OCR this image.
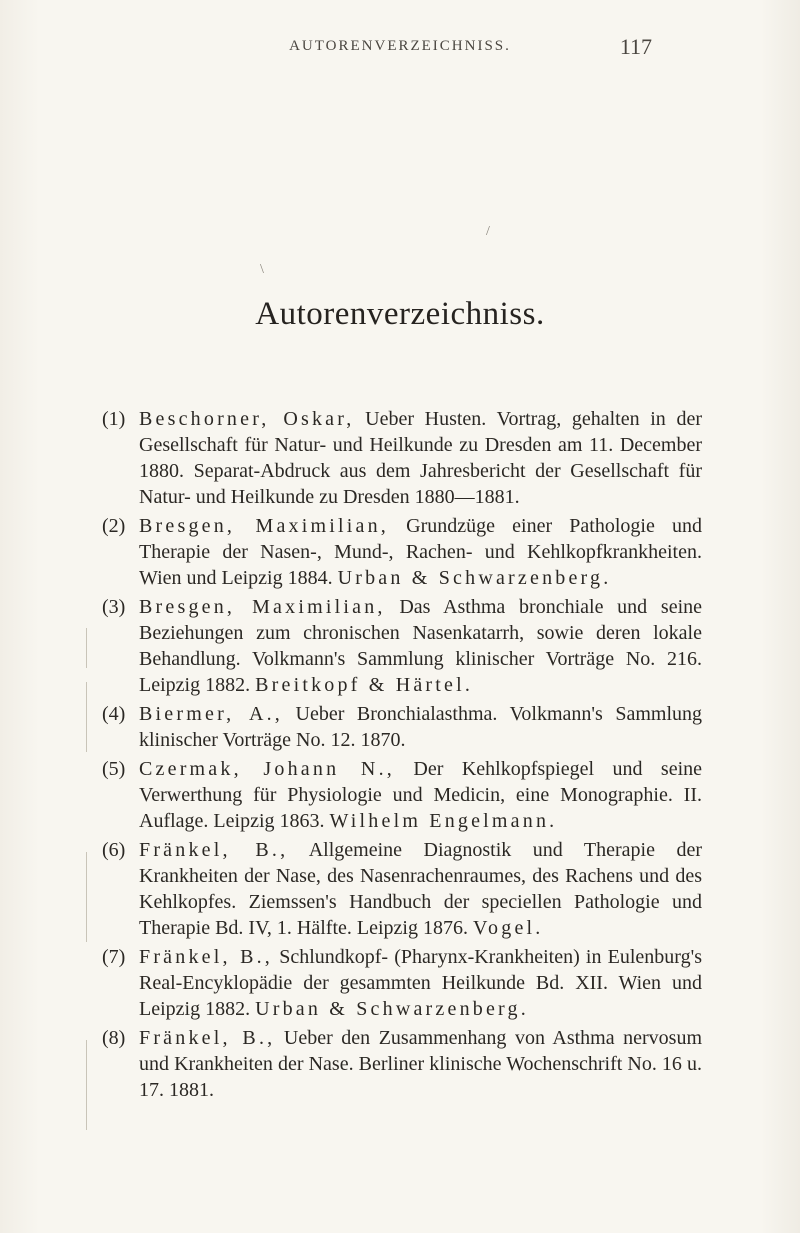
AUTORENVERZEICHNISS.	117
/
\
Autorenverzeichniss.
(1) Beschorner, Oskar, Ueber Husten. Vortrag, gehalten in der Gesellschaft für Natur- und Heilkunde zu Dresden am 11. December 1880. Separat-Abdruck aus dem Jahresbericht der Gesellschaft für Natur- und Heilkunde zu Dresden 1880—1881.
(2) Bresgen, Maximilian, Grundzüge einer Pathologie und Therapie der Nasen-, Mund-, Rachen- und Kehlkopfkrankheiten. Wien und Leipzig 1884. Urban & Schwarzenberg.
(3) Bresgen, Maximilian, Das Asthma bronchiale und seine Beziehungen zum chronischen Nasenkatarrh, sowie deren lokale Behandlung. Volkmann's Sammlung klinischer Vorträge No. 216. Leipzig 1882. Breitkopf & Härtel.
(4) Biermer, A., Ueber Bronchialasthma. Volkmann's Sammlung klinischer Vorträge No. 12. 1870.
(5) Czermak, Johann N., Der Kehlkopfspiegel und seine Verwerthung für Physiologie und Medicin, eine Monographie. II. Auflage. Leipzig 1863. Wilhelm Engelmann.
(6) Fränkel, B., Allgemeine Diagnostik und Therapie der Krankheiten der Nase, des Nasenrachenraumes, des Rachens und des Kehlkopfes. Ziemssen's Handbuch der speciellen Pathologie und Therapie Bd. IV, 1. Hälfte. Leipzig 1876. Vogel.
(7) Fränkel, B., Schlundkopf- (Pharynx-Krankheiten) in Eulenburg's Real-Encyklopädie der gesammten Heilkunde Bd. XII. Wien und Leipzig 1882. Urban & Schwarzenberg.
(8) Fränkel, B., Ueber den Zusammenhang von Asthma nervosum und Krankheiten der Nase. Berliner klinische Wochenschrift No. 16 u. 17. 1881.
